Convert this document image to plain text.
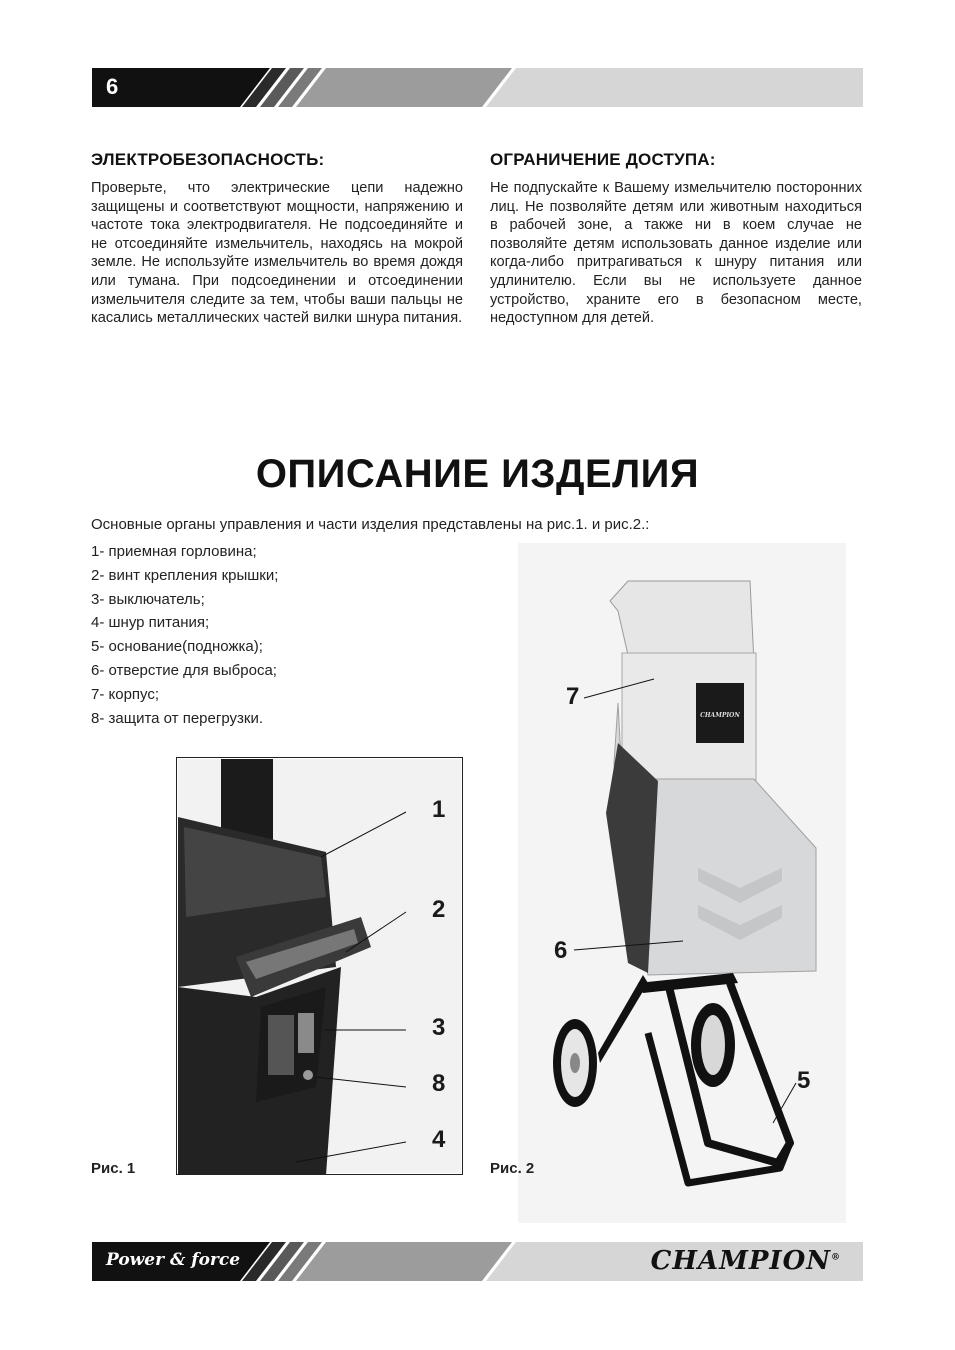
6
ЭЛЕКТРОБЕЗОПАСНОСТЬ:

Проверьте, что электрические цепи надежно защищены и соответствуют мощности, напряжению и частоте тока электродвигателя. Не подсоединяйте и не отсоединяйте измельчитель, находясь на мокрой земле. Не используйте измельчитель во время дождя или тумана. При подсоединении и отсоединении измельчителя следите за тем, чтобы ваши пальцы не касались металлических частей вилки шнура питания.

ОГРАНИЧЕНИЕ ДОСТУПА:

Не подпускайте к Вашему измельчителю посторонних лиц. Не позволяйте детям или животным находиться в рабочей зоне, а также ни в коем случае не позволяйте детям использовать данное изделие или когда-либо притрагиваться к шнуру питания или удлинителю. Если вы не используете данное устройство, храните его в безопасном месте, недоступном для детей.

ОПИСАНИЕ ИЗДЕЛИЯ
Основные органы управления и части изделия представлены на рис.1. и рис.2.:
1- приемная горловина;
2- винт крепления крышки;
3- выключатель;
4- шнур питания;
5- основание(подножка);
6- отверстие для выброса;
7- корпус;
8- защита от перегрузки.
1
2
3
8
4
Рис. 1
CHAMPION
7
6
5
Рис. 2
Power & force	CHAMPION®
